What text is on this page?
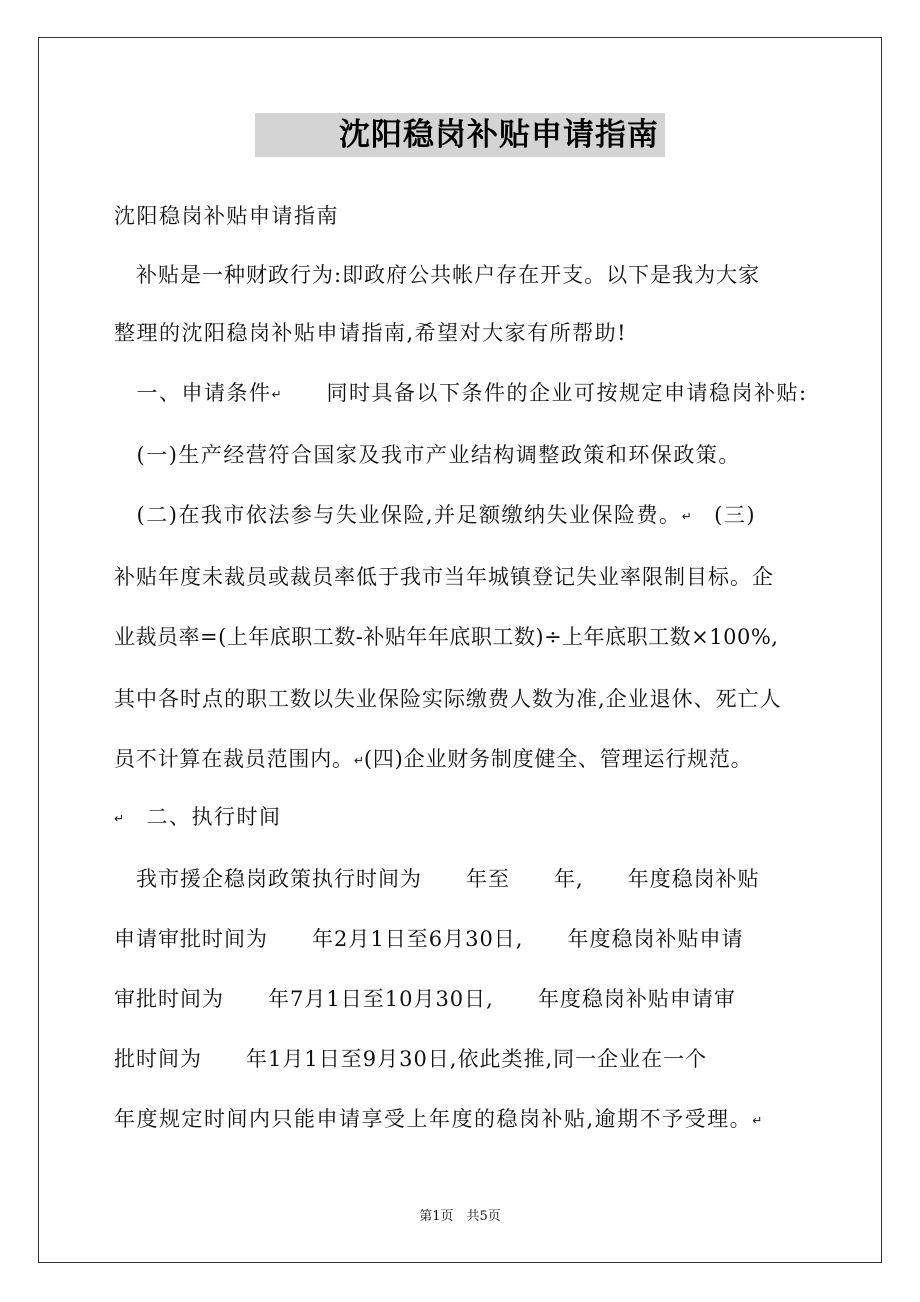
沈阳稳岗补贴申请指南
沈阳稳岗补贴申请指南
　补贴是一种财政行为:即政府公共帐户存在开支。以下是我为大家
整理的沈阳稳岗补贴申请指南,希望对大家有所帮助!
　一、申请条件↵　　同时具备以下条件的企业可按规定申请稳岗补贴:
　(一)生产经营符合国家及我市产业结构调整政策和环保政策。
　(二)在我市依法参与失业保险,并足额缴纳失业保险费。↵　(三)
补贴年度未裁员或裁员率低于我市当年城镇登记失业率限制目标。企
业裁员率=(上年底职工数-补贴年年底职工数)÷上年底职工数×100%,
其中各时点的职工数以失业保险实际缴费人数为准,企业退休、死亡人
员不计算在裁员范围内。↵(四)企业财务制度健全、管理运行规范。
↵　二、执行时间
　我市援企稳岗政策执行时间为　　年至　　年,　　年度稳岗补贴
申请审批时间为　　年2月1日至6月30日,　　年度稳岗补贴申请
审批时间为　　年7月1日至10月30日,　　年度稳岗补贴申请审
批时间为　　年1月1日至9月30日,依此类推,同一企业在一个
年度规定时间内只能申请享受上年度的稳岗补贴,逾期不予受理。↵
第1页　共5页
